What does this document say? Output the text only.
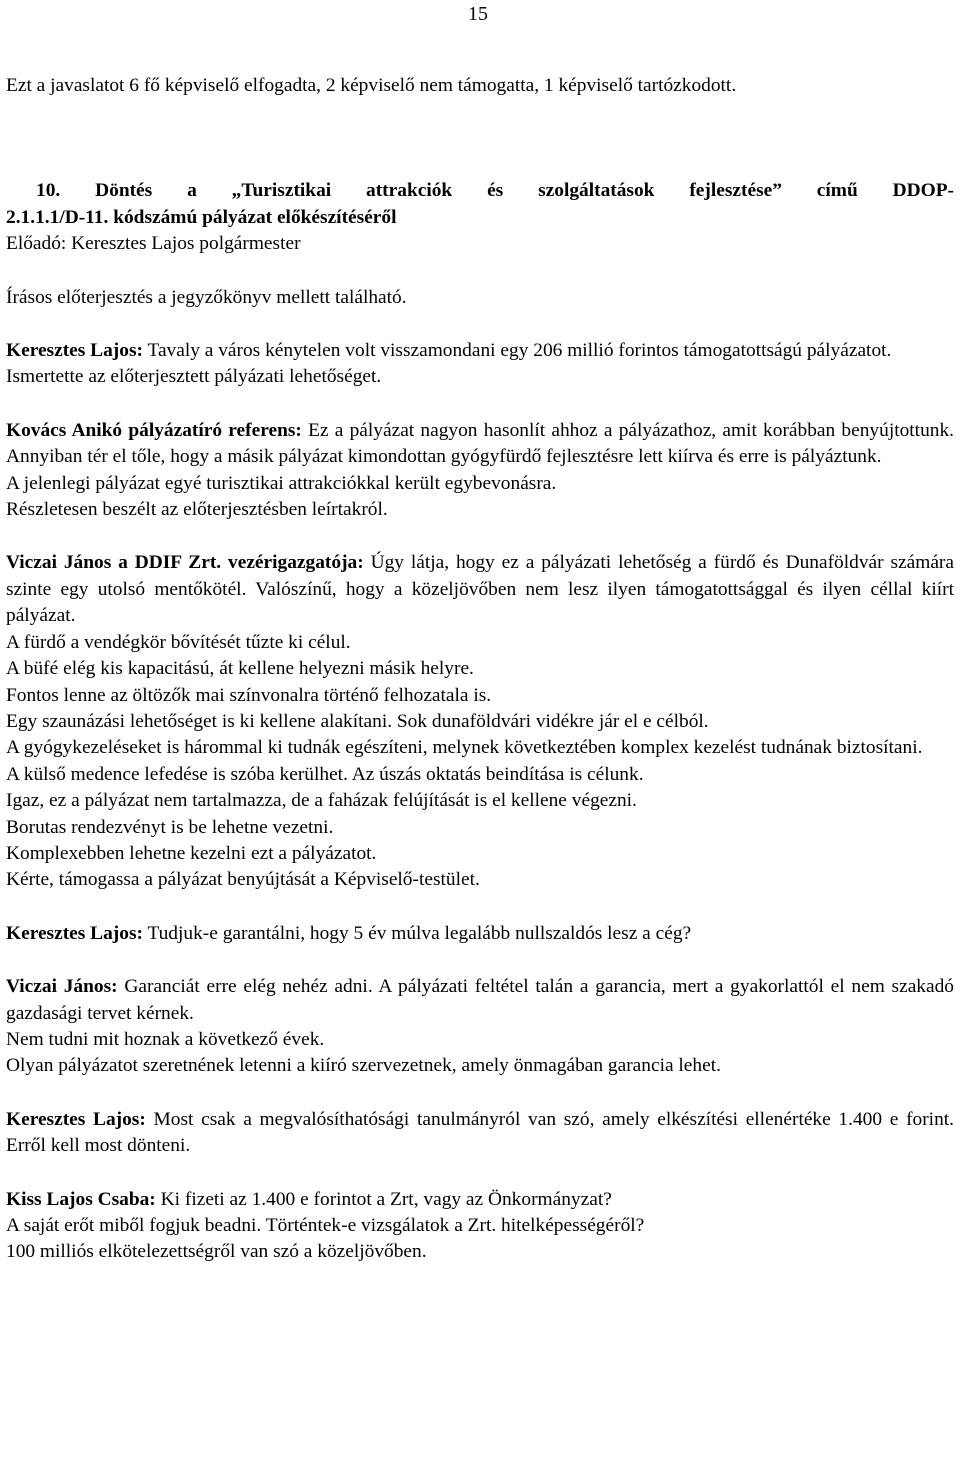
15

Ezt a javaslatot 6 fő képviselő elfogadta, 2 képviselő nem támogatta, 1 képviselő tartózkodott.

10. Döntés a „Turisztikai attrakciók és szolgáltatások fejlesztése” című DDOP-

2.1.1.1/D-11. kódszámú pályázat előkészítéséről

Előadó: Keresztes Lajos polgármester

Írásos előterjesztés a jegyzőkönyv mellett található.

Keresztes Lajos: Tavaly a város kénytelen volt visszamondani egy 206 millió forintos támogatottságú pályázatot.

Ismertette az előterjesztett pályázati lehetőséget.

Kovács Anikó pályázatíró referens: Ez a pályázat nagyon hasonlít ahhoz a pályázathoz, amit korábban benyújtottunk. Annyiban tér el tőle, hogy a másik pályázat kimondottan gyógyfürdő fejlesztésre lett kiírva és erre is pályáztunk.

A jelenlegi pályázat egyé turisztikai attrakciókkal került egybevonásra.

Részletesen beszélt az előterjesztésben leírtakról.

Viczai János a DDIF Zrt. vezérigazgatója: Úgy látja, hogy ez a pályázati lehetőség a fürdő és Dunaföldvár számára szinte egy utolsó mentőkötél. Valószínű, hogy a közeljövőben nem lesz ilyen támogatottsággal és ilyen céllal kiírt pályázat.

A fürdő a vendégkör bővítését tűzte ki célul.

A büfé elég kis kapacitású, át kellene helyezni másik helyre.

Fontos lenne az öltözők mai színvonalra történő felhozatala is.

Egy szaunázási lehetőséget is ki kellene alakítani. Sok dunaföldvári vidékre jár el e célból.

A gyógykezeléseket is hárommal ki tudnák egészíteni, melynek következtében komplex kezelést tudnának biztosítani.

A külső medence lefedése is szóba kerülhet. Az úszás oktatás beindítása is célunk.

Igaz, ez a pályázat nem tartalmazza, de a faházak felújítását is el kellene végezni.

Borutas rendezvényt is be lehetne vezetni.

Komplexebben lehetne kezelni ezt a pályázatot.

Kérte, támogassa a pályázat benyújtását a Képviselő-testület.

Keresztes Lajos: Tudjuk-e garantálni, hogy 5 év múlva legalább nullszaldós lesz a cég?

Viczai János: Garanciát erre elég nehéz adni. A pályázati feltétel talán a garancia, mert a gyakorlattól el nem szakadó gazdasági tervet kérnek.

Nem tudni mit hoznak a következő évek.

Olyan pályázatot szeretnének letenni a kiíró szervezetnek, amely önmagában garancia lehet.

Keresztes Lajos: Most csak a megvalósíthatósági tanulmányról van szó, amely elkészítési ellenértéke 1.400 e forint. Erről kell most dönteni.

Kiss Lajos Csaba: Ki fizeti az 1.400 e forintot a Zrt, vagy az Önkormányzat?

A saját erőt miből fogjuk beadni. Történtek-e vizsgálatok a Zrt. hitelképességéről?

100 milliós elkötelezettségről van szó a közeljövőben.
